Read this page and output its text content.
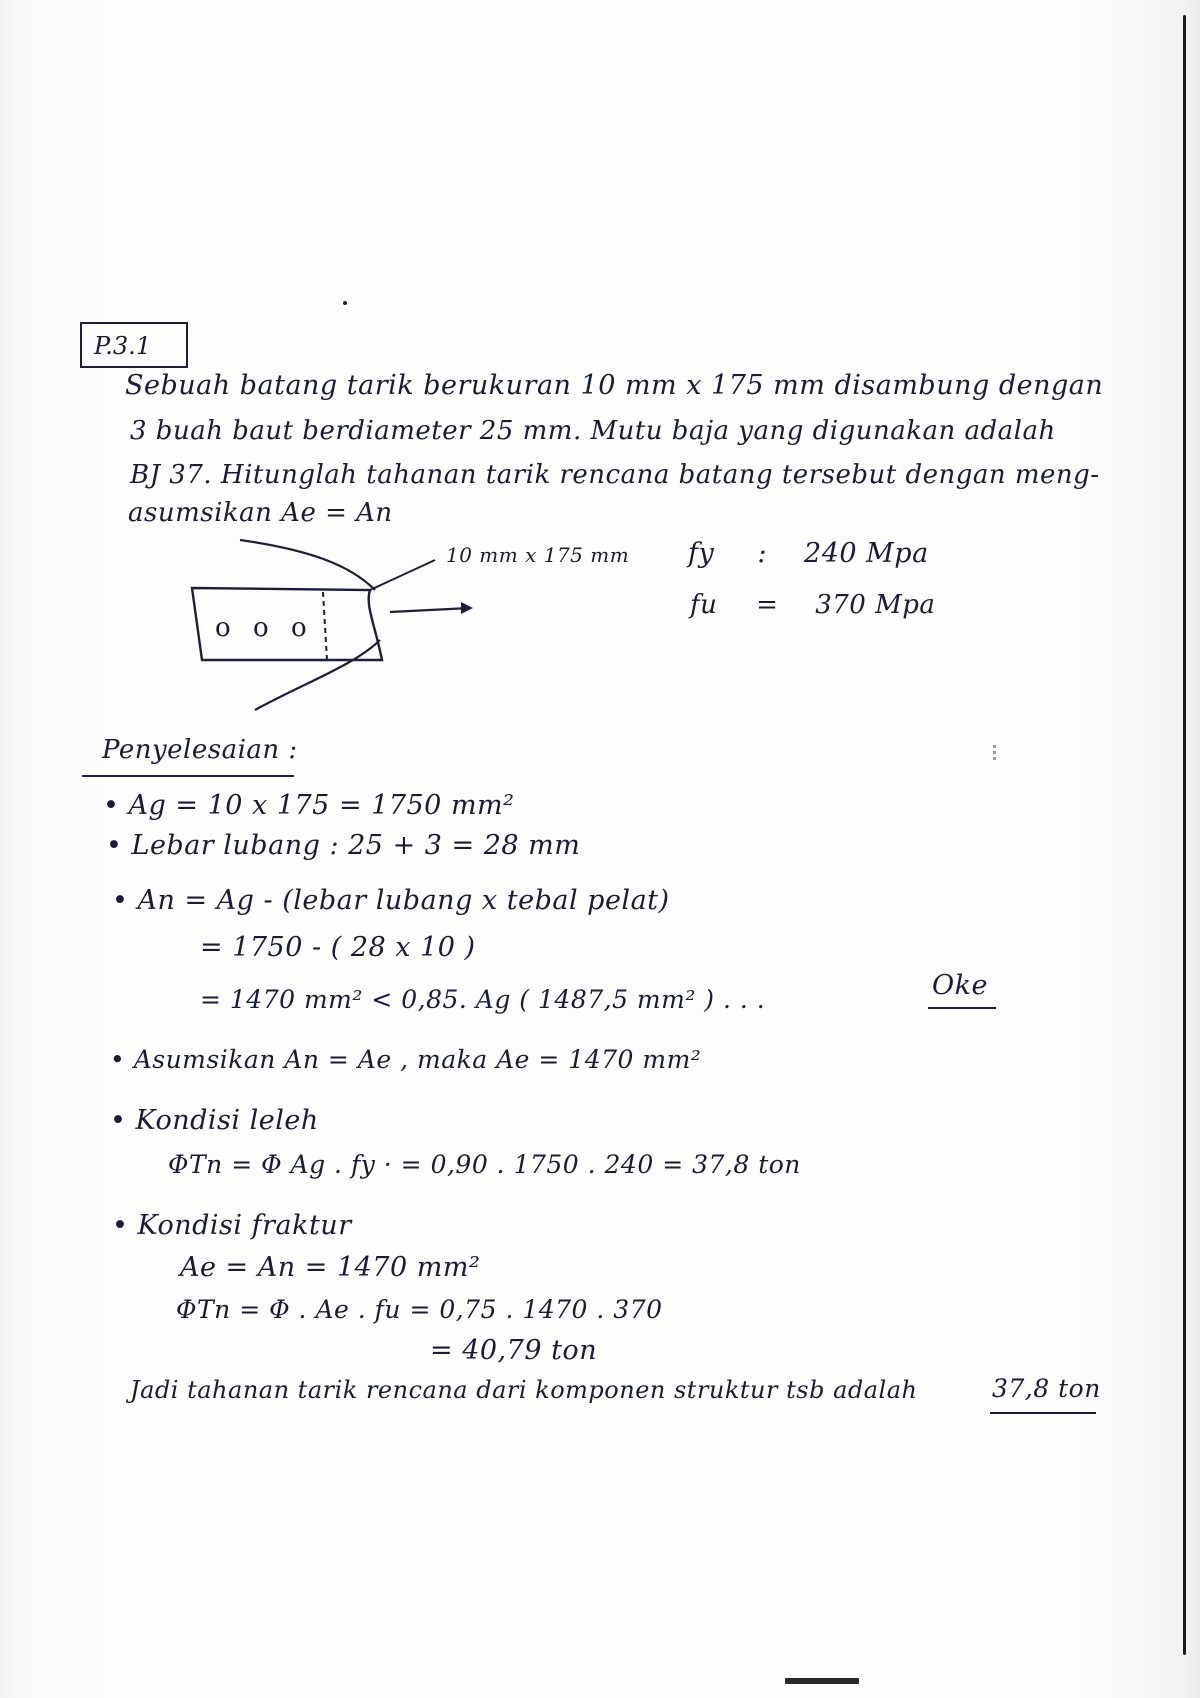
P.3.1
Sebuah batang tarik berukuran 10 mm x 175 mm disambung dengan
3 buah baut berdiameter 25 mm. Mutu baja yang digunakan adalah
BJ 37. Hitunglah tahanan tarik rencana batang tersebut dengan meng-
asumsikan Ae = An
o o o
10 mm x 175 mm fy : 240 Mpa
fu = 370 Mpa
Penyelesaian :
• Ag = 10 x 175 = 1750 mm²
• Lebar lubang : 25 + 3 = 28 mm
• An = Ag - (lebar lubang x tebal pelat)
= 1750 - ( 28 x 10 )
= 1470 mm² < 0,85. Ag ( 1487,5 mm² ) . . .	Oke
• Asumsikan An = Ae , maka Ae = 1470 mm²
• Kondisi leleh
ΦTn = Φ Ag . fy · = 0,90 . 1750 . 240 = 37,8 ton
• Kondisi fraktur
Ae = An = 1470 mm²
ΦTn = Φ . Ae . fu = 0,75 . 1470 . 370
= 40,79 ton
Jadi tahanan tarik rencana dari komponen struktur tsb adalah	37,8 ton
